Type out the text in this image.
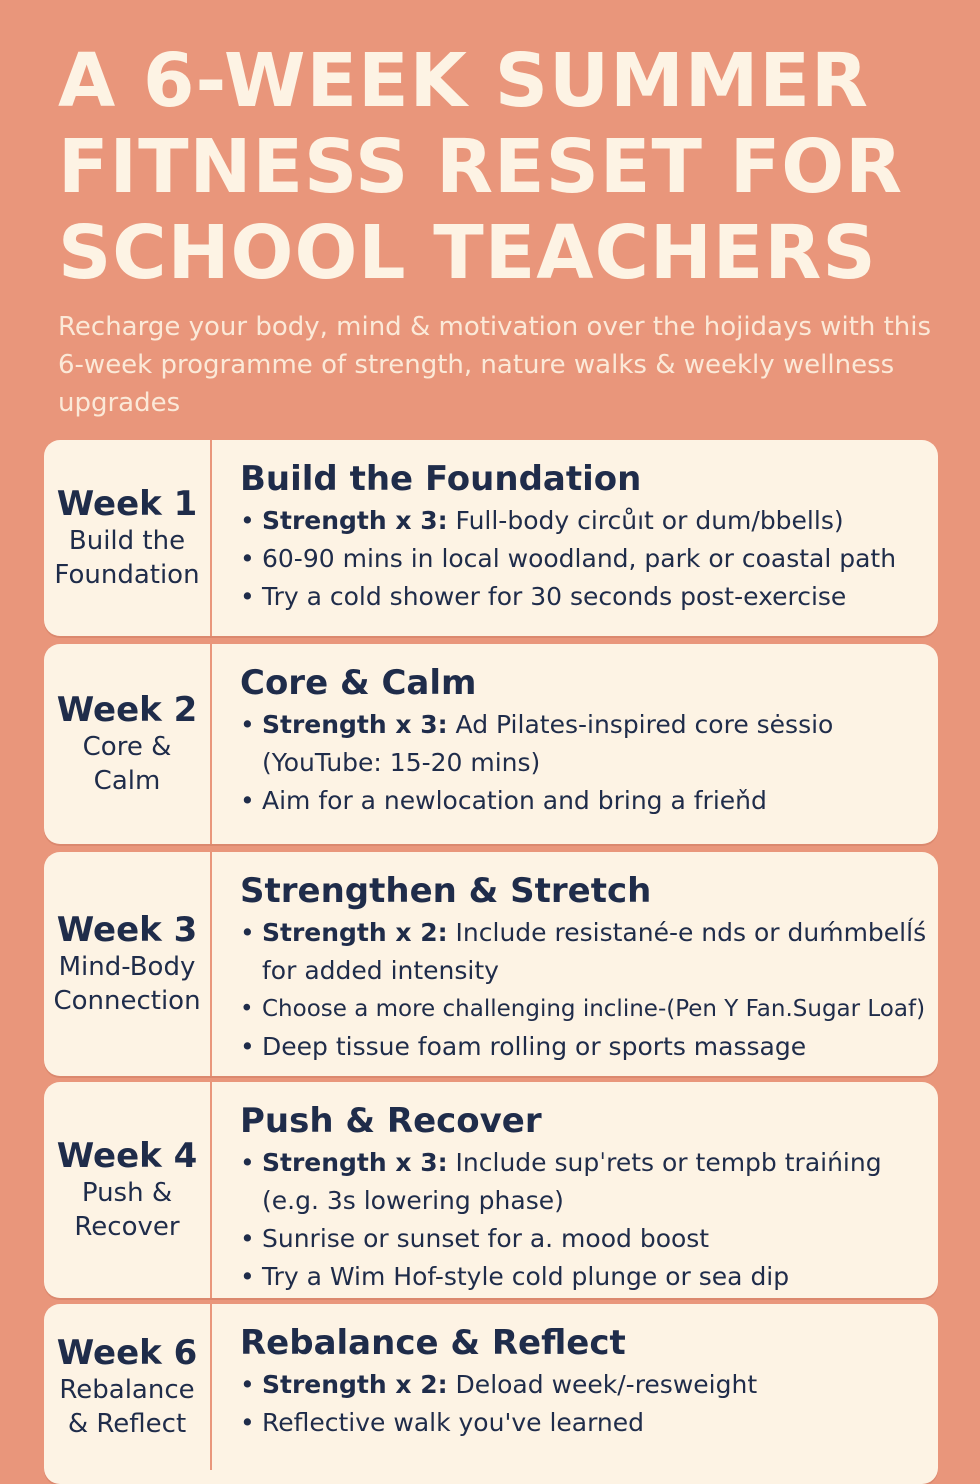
A 6-WEEK SUMMER
FITNESS RESET FOR
SCHOOL TEACHERS

Recharge your body, mind & motivation over the hojidays with this 6-week programme of strength, nature walks & weekly wellness upgrades

Week 1
Build the
Foundation
Build the Foundation
• Strength x 3: Full-body circůıt or dum/bbells)
• 60-90 mins in local woodland, park or coastal path
• Try a cold shower for 30 seconds post-exercise
Week 2
Core &
Calm
Core & Calm
• Strength x 3: Ad Pilates-inspired core sėssio (YouTube: 15-20 mins)
• Aim for a newlocation and bring a frieňd
Week 3
Mind-Body
Connection
Strengthen & Stretch
• Strength x 2: Include resistané-e nds or duḿmbelĺś for added intensity
• Choose a more challenging incline-(Pen Y Fan.Sugar Loaf)
• Deep tissue foam rolling or sports massage
Week 4
Push &
Recover
Push & Recover
• Strength x 3: Include supˈrets or tempb traińing (e.g. 3s lowering phase)
• Sunrise or sunset for a. mood boost
• Try a Wim Hof-style cold plunge or sea dip
Week 6
Rebalance
& Reflect
Rebalance & Reflect
• Strength x 2: Deload week/-resweight
• Reflective walk you've learned
